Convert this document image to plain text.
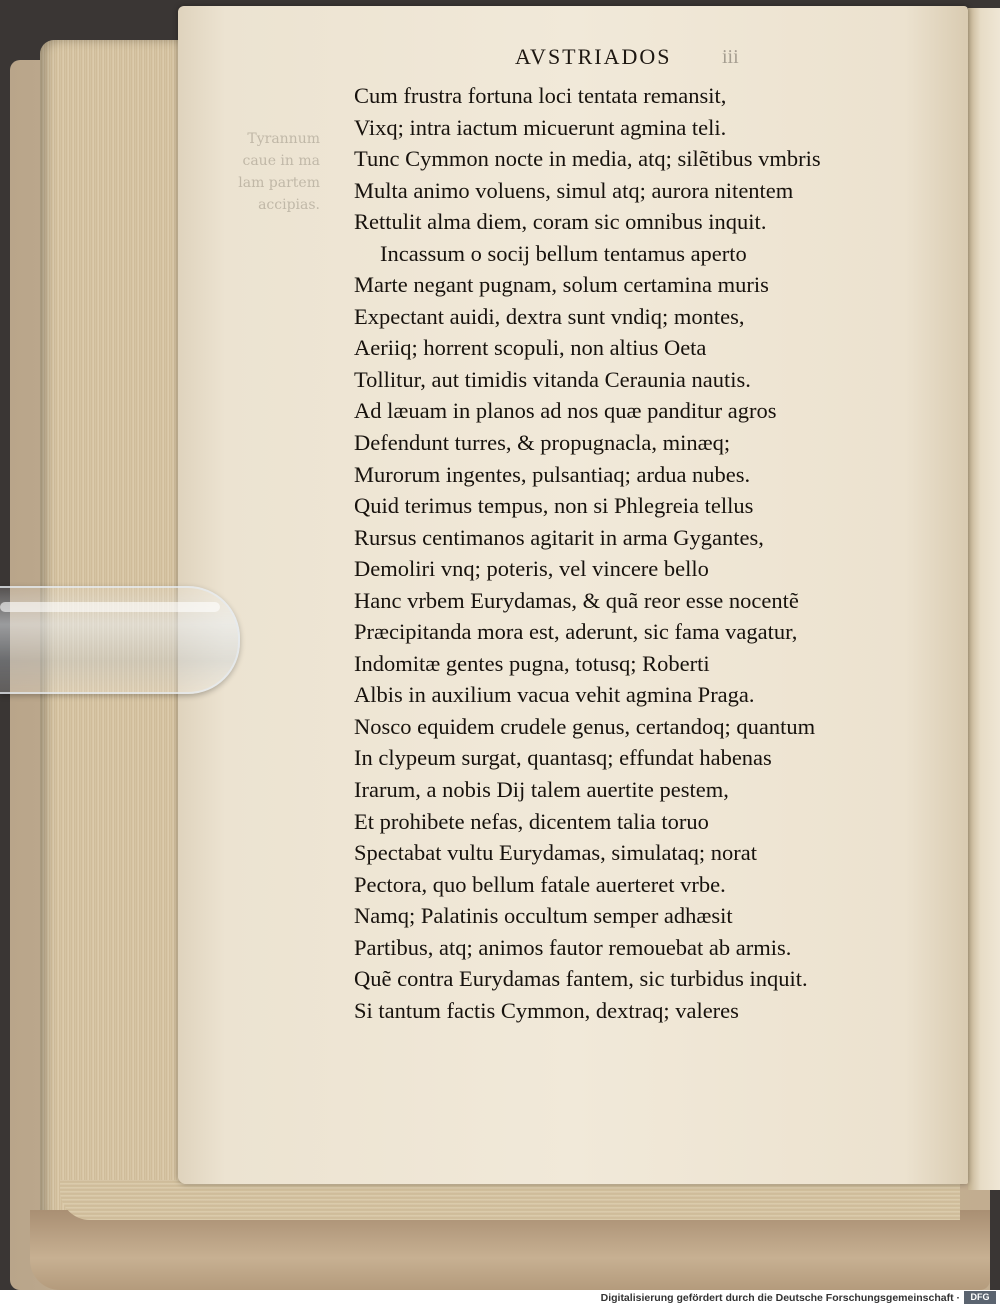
Tyrannum
caue in ma
lam partem
accipias.
AVSTRIADOS	iii
Cum frustra fortuna loci tentata remansit,
Vixq; intra iactum micuerunt agmina teli.
Tunc Cymmon nocte in media, atq; silẽtibus vmbris
Multa animo voluens, simul atq; aurora nitentem
Rettulit alma diem, coram sic omnibus inquit.
Incassum o socij bellum tentamus aperto
Marte negant pugnam, solum certamina muris
Expectant auidi, dextra sunt vndiq; montes,
Aeriiq; horrent scopuli, non altius Oeta
Tollitur, aut timidis vitanda Ceraunia nautis.
Ad læuam in planos ad nos quæ panditur agros
Defendunt turres, & propugnacla, minæq;
Murorum ingentes, pulsantiaq; ardua nubes.
Quid terimus tempus, non si Phlegreia tellus
Rursus centimanos agitarit in arma Gygantes,
Demoliri vnq; poteris, vel vincere bello
Hanc vrbem Eurydamas, & quã reor esse nocentẽ
Præcipitanda mora est, aderunt, sic fama vagatur,
Indomitæ gentes pugna, totusq; Roberti
Albis in auxilium vacua vehit agmina Praga.
Nosco equidem crudele genus, certandoq; quantum
In clypeum surgat, quantasq; effundat habenas
Irarum, a nobis Dij talem auertite pestem,
Et prohibete nefas, dicentem talia toruo
Spectabat vultu Eurydamas, simulataq; norat
Pectora, quo bellum fatale auerteret vrbe.
Namq; Palatinis occultum semper adhæsit
Partibus, atq; animos fautor remouebat ab armis.
Quẽ contra Eurydamas fantem, sic turbidus inquit.
Si tantum factis Cymmon, dextraq; valeres
Digitalisierung gefördert durch die Deutsche Forschungsgemeinschaft ·	DFG
